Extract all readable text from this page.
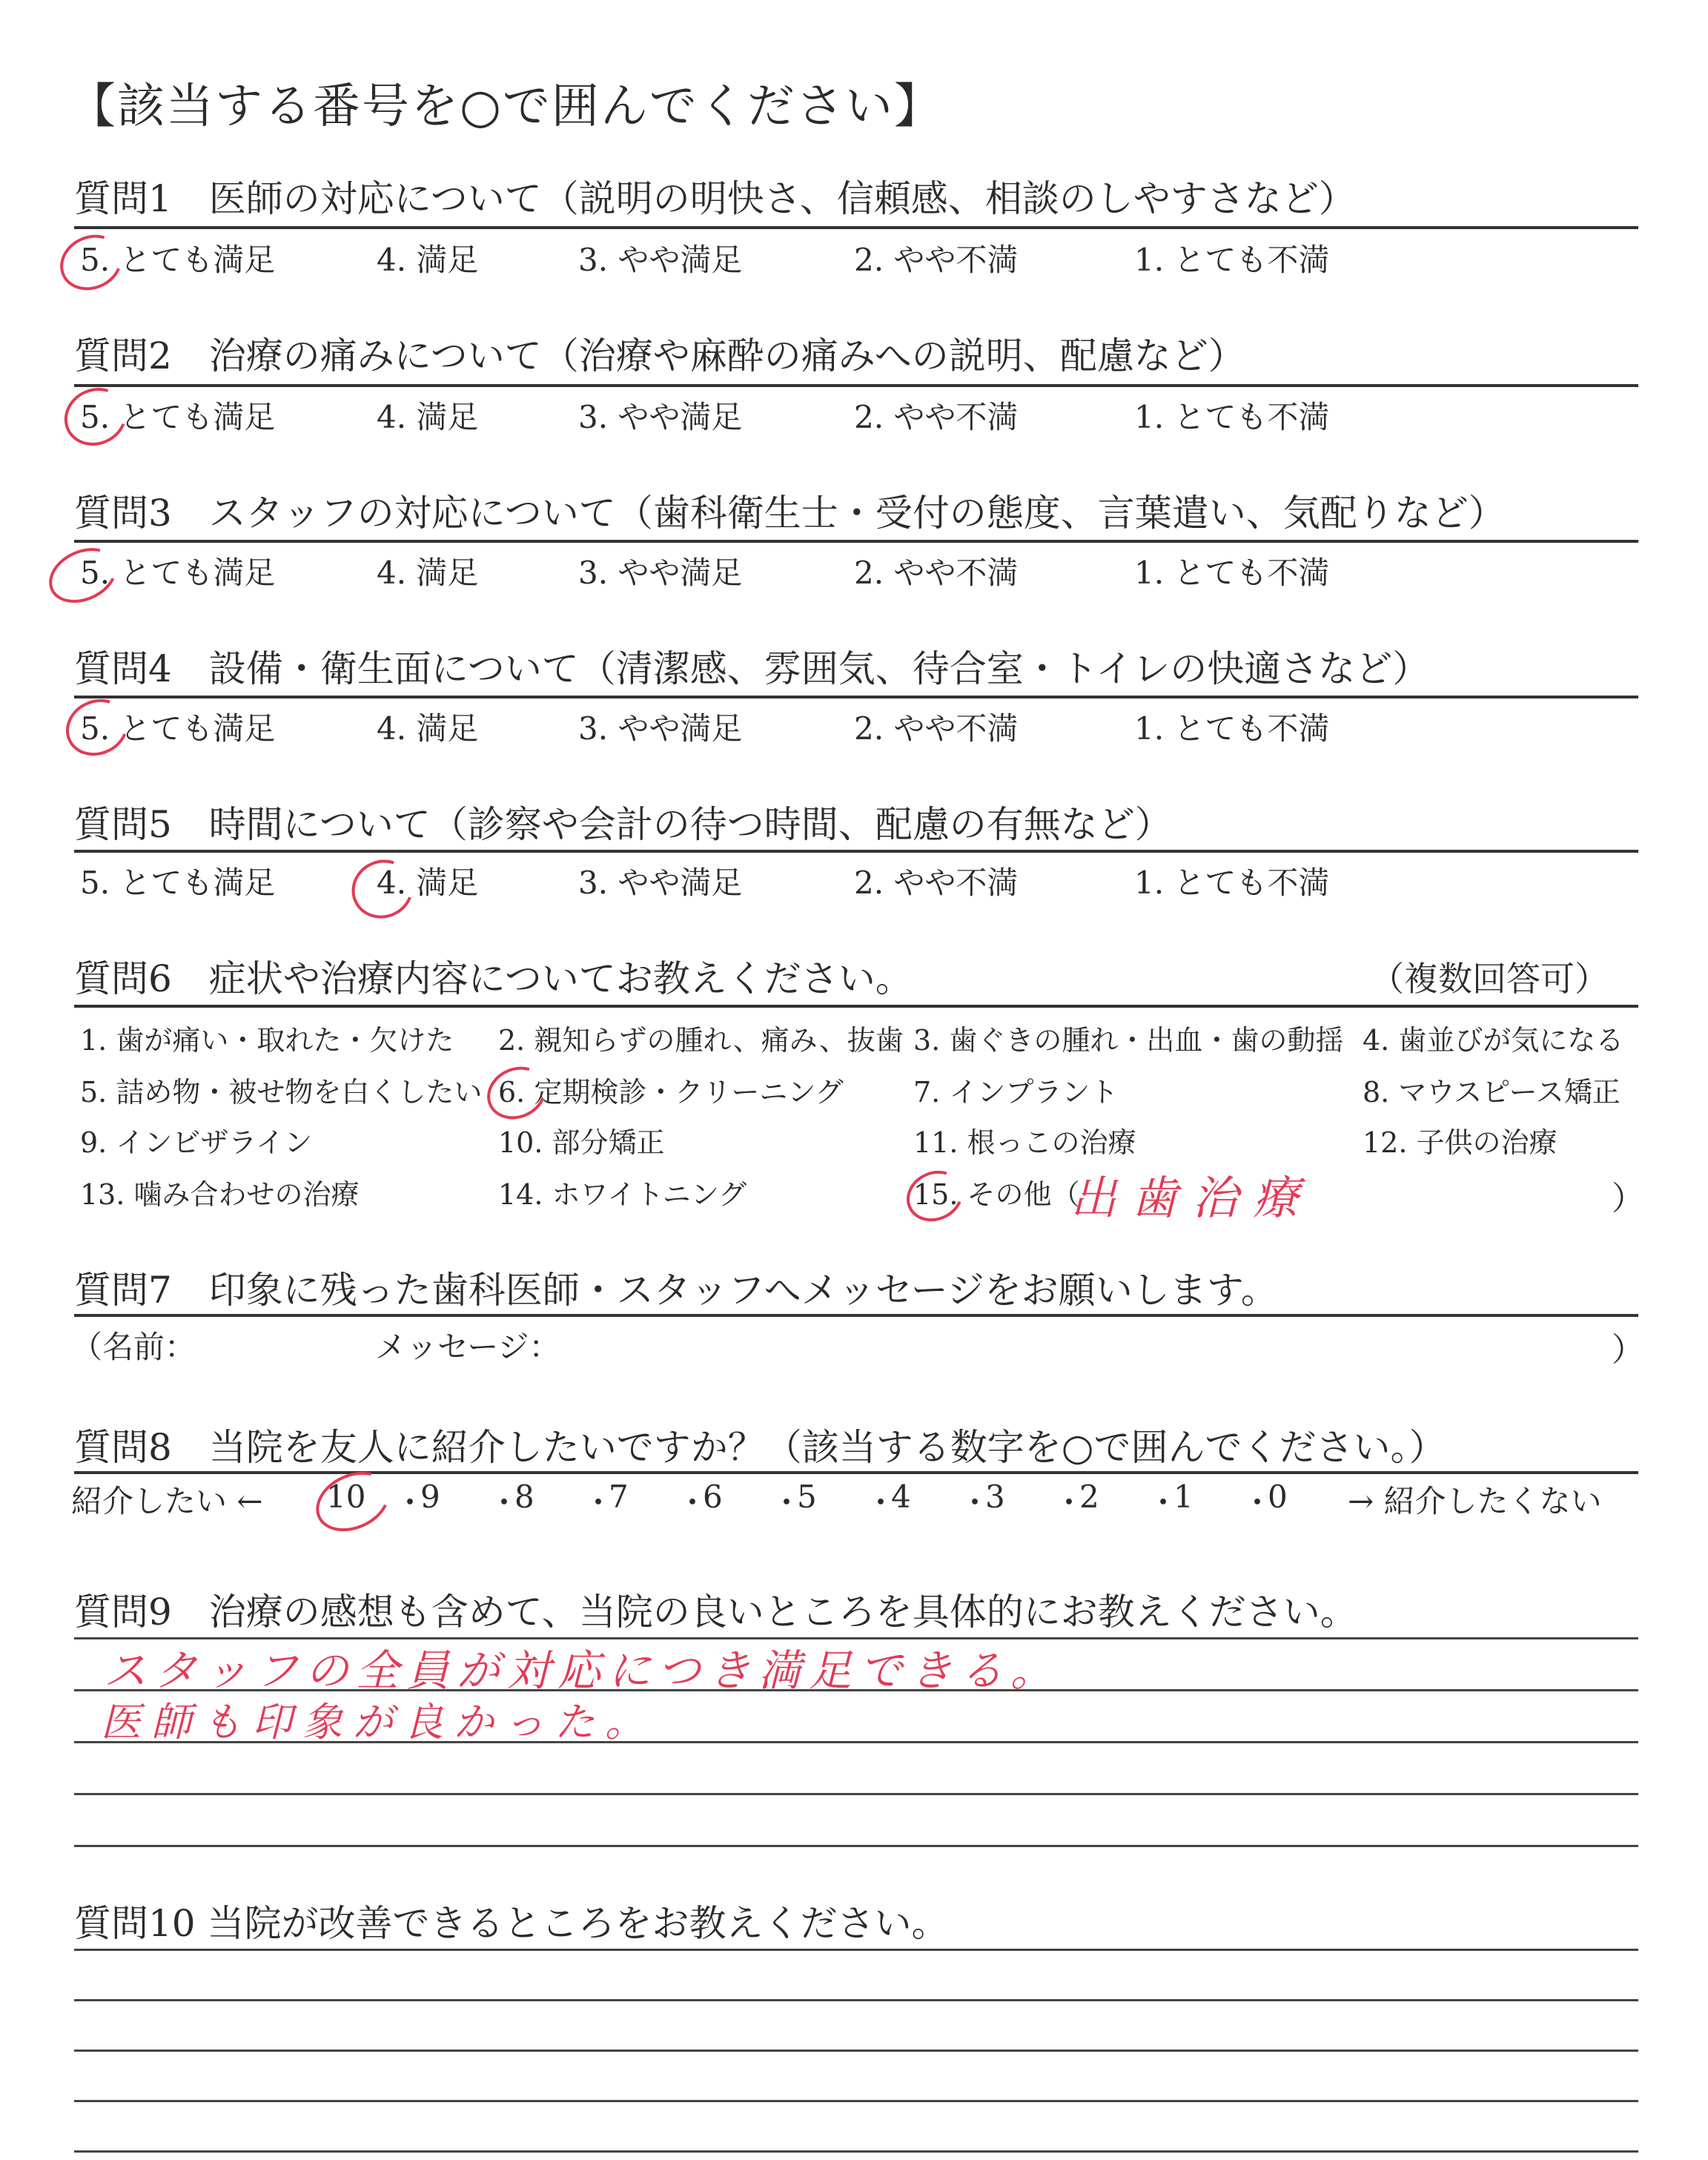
【該当する番号を○で囲んでください】
質問1　医師の対応について（説明の明快さ、信頼感、相談のしやすさなど）
5. とても満足	4. 満足	3. やや満足	2. やや不満	1. とても不満
質問2　治療の痛みについて（治療や麻酔の痛みへの説明、配慮など）
5. とても満足	4. 満足	3. やや満足	2. やや不満	1. とても不満
質問3　スタッフの対応について（歯科衛生士・受付の態度、言葉遣い、気配りなど）
5. とても満足	4. 満足	3. やや満足	2. やや不満	1. とても不満
質問4　設備・衛生面について（清潔感、雰囲気、待合室・トイレの快適さなど）
5. とても満足	4. 満足	3. やや満足	2. やや不満	1. とても不満
質問5　時間について（診察や会計の待つ時間、配慮の有無など）
5. とても満足	4. 満足	3. やや満足	2. やや不満	1. とても不満
質問6　症状や治療内容についてお教えください。	（複数回答可）
1. 歯が痛い・取れた・欠けた 2. 親知らずの腫れ、痛み、抜歯 3. 歯ぐきの腫れ・出血・歯の動揺 4. 歯並びが気になる
5. 詰め物・被せ物を白くしたい 6. 定期検診・クリーニング 7. インプラント	8. マウスピース矯正
9. インビザライン	10. 部分矯正	11. 根っこの治療	12. 子供の治療
13. 噛み合わせの治療	14. ホワイトニング	15. その他（
出歯治療	）
質問7　印象に残った歯科医師・スタッフへメッセージをお願いします。
（名前：	メッセージ：	）
質問8　当院を友人に紹介したいですか？（該当する数字を○で囲んでください。）
紹介したい ← 10 ・
9 ・
8 ・
7 ・
6 ・
5 ・
4 ・
3 ・
2 ・
1 ・
0 → 紹介したくない
質問9　治療の感想も含めて、当院の良いところを具体的にお教えください。
スタッフの全員が対応につき満足できる。
医師も印象が良かった。
質問10 当院が改善できるところをお教えください。
